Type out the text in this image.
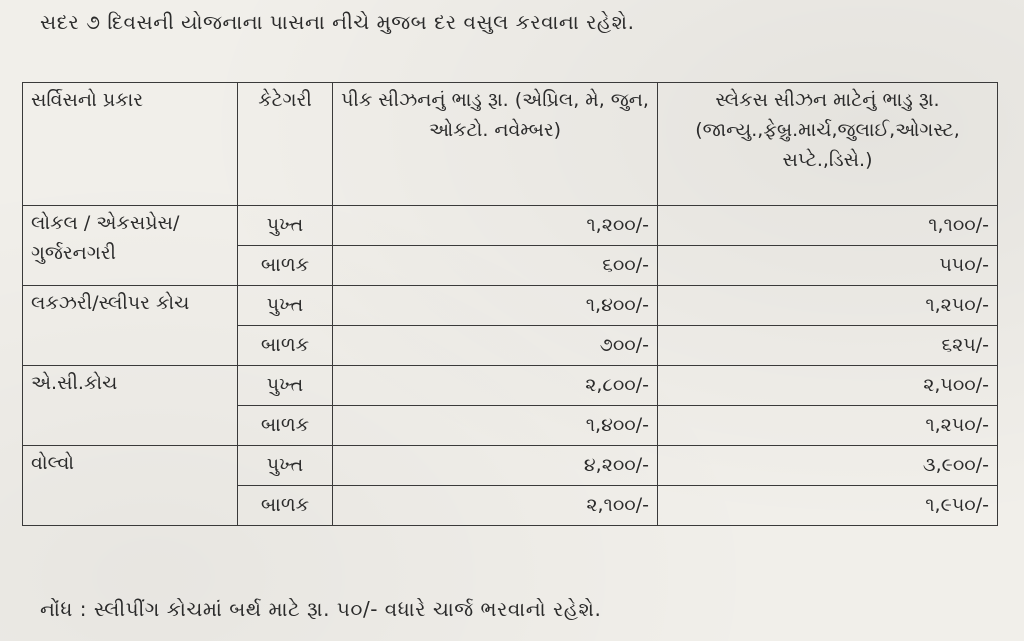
સદર ૭ દિવસની યોજનાના પાસના નીચે મુજબ દર વસુલ કરવાના રહેશે.
સર્વિસનો પ્રકાર	કેટેગરી	પીક સીઝનનું ભાડુ રૂા. (એપ્રિલ, મે, જુન, ઓકટો. નવેમ્બર)	સ્લેકસ સીઝન માટેનું ભાડુ રૂા. (જાન્યુ.,ફેબ્રુ.માર્ચ,જુલાઈ,ઓગસ્ટ, સપ્ટે.,ડિસે.)
લોકલ / એકસપ્રેસ/ ગુર્જરનગરી	પુખ્ત	૧,૨૦૦/-	૧,૧૦૦/-
	બાળક	૬૦૦/-	૫૫૦/-
લકઝરી/સ્લીપર કોચ	પુખ્ત	૧,૪૦૦/-	૧,૨૫૦/-
	બાળક	૭૦૦/-	૬૨૫/-
એ.સી.કોચ	પુખ્ત	૨,૮૦૦/-	૨,૫૦૦/-
	બાળક	૧,૪૦૦/-	૧,૨૫૦/-
વોલ્વો	પુખ્ત	૪,૨૦૦/-	૩,૯૦૦/-
	બાળક	૨,૧૦૦/-	૧,૯૫૦/-
નોંધ : સ્લીપીંગ કોચમાં બર્થ માટે રૂા. ૫૦/- વધારે ચાર્જ ભરવાનો રહેશે.
